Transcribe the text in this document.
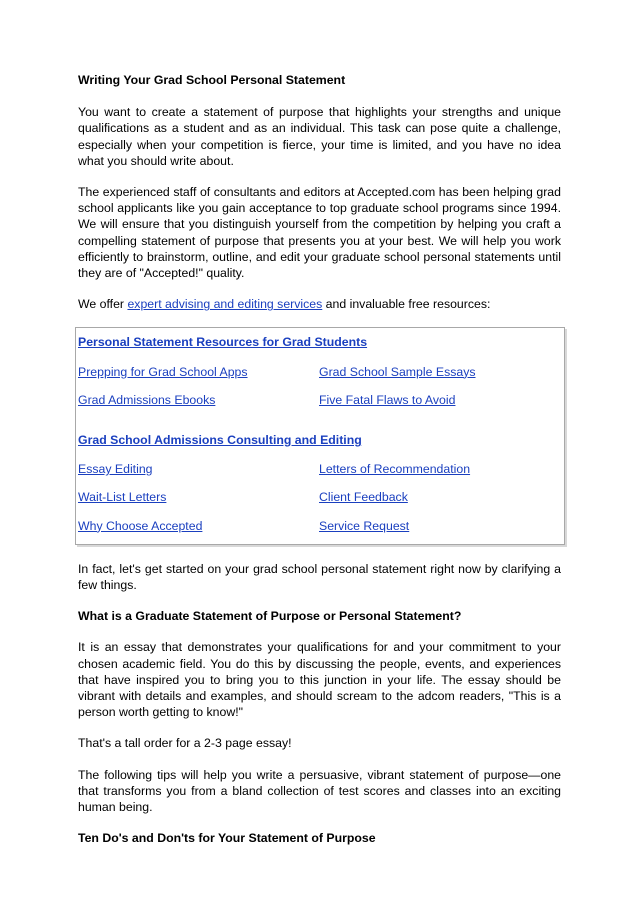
Writing Your Grad School Personal Statement

You want to create a statement of purpose that highlights your strengths and unique qualifications as a student and as an individual. This task can pose quite a challenge, especially when your competition is fierce, your time is limited, and you have no idea what you should write about.

The experienced staff of consultants and editors at Accepted.com has been helping grad school applicants like you gain acceptance to top graduate school programs since 1994. We will ensure that you distinguish yourself from the competition by helping you craft a compelling statement of purpose that presents you at your best. We will help you work efficiently to brainstorm, outline, and edit your graduate school personal statements until they are of "Accepted!" quality.

We offer expert advising and editing services and invaluable free resources:

Personal Statement Resources for Grad Students
Prepping for Grad School Apps	Grad School Sample Essays
Grad Admissions Ebooks	Five Fatal Flaws to Avoid
Grad School Admissions Consulting and Editing
Essay Editing	Letters of Recommendation
Wait-List Letters	Client Feedback
Why Choose Accepted	Service Request

In fact, let's get started on your grad school personal statement right now by clarifying a few things.

What is a Graduate Statement of Purpose or Personal Statement?

It is an essay that demonstrates your qualifications for and your commitment to your chosen academic field. You do this by discussing the people, events, and experiences that have inspired you to bring you to this junction in your life. The essay should be vibrant with details and examples, and should scream to the adcom readers, "This is a person worth getting to know!"

That's a tall order for a 2-3 page essay!

The following tips will help you write a persuasive, vibrant statement of purpose—one that transforms you from a bland collection of test scores and classes into an exciting human being.

Ten Do's and Don'ts for Your Statement of Purpose
